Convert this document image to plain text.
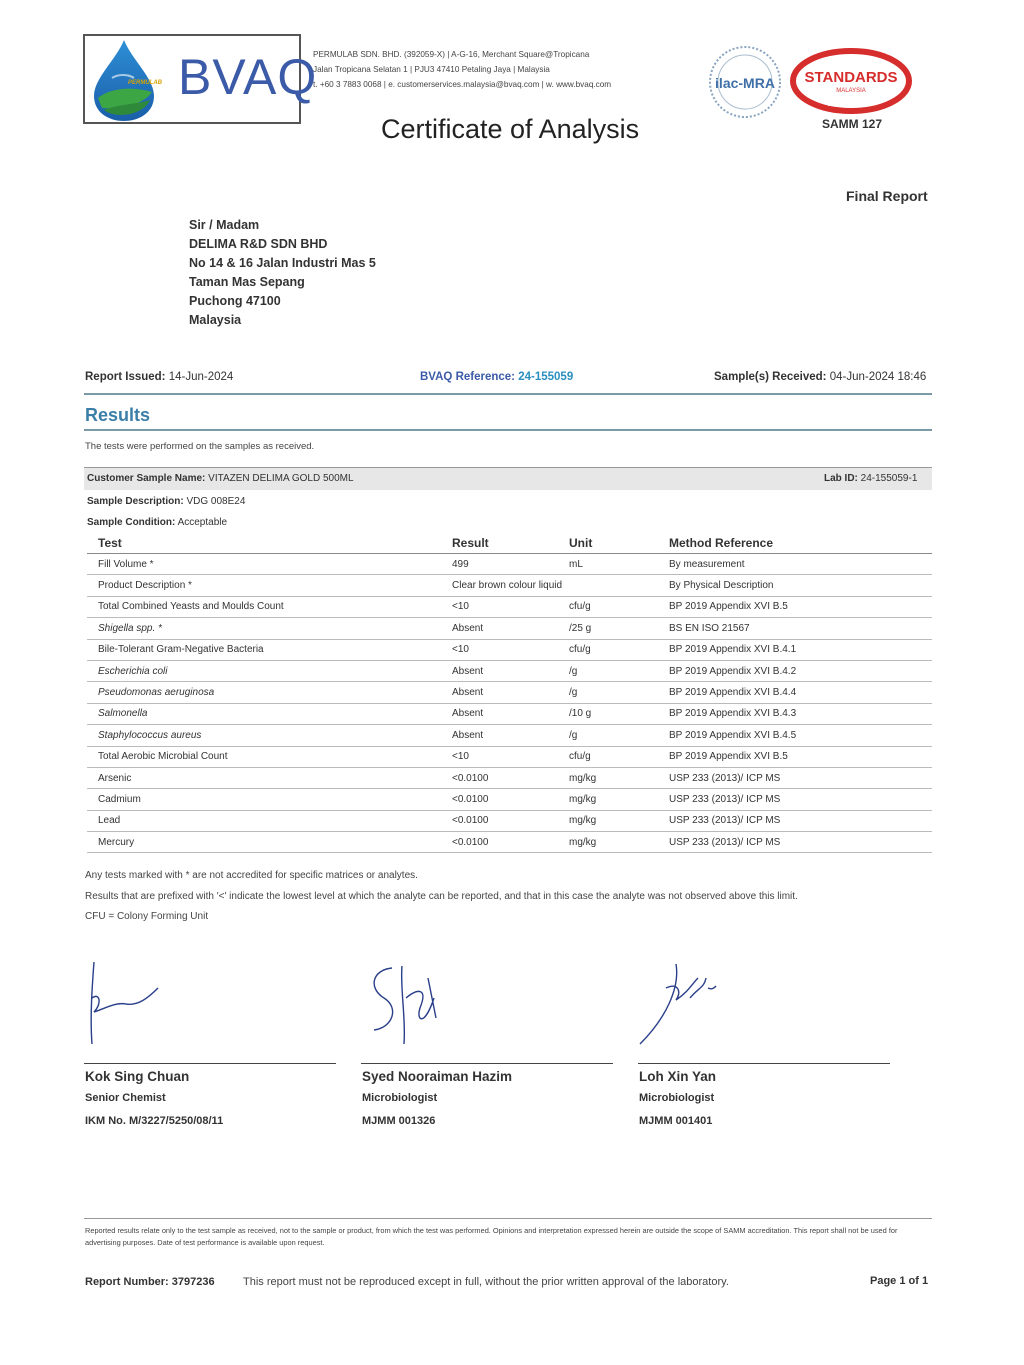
PERMULAB BVAQ
PERMULAB SDN. BHD. (392059-X) | A-G-16, Merchant Square@Tropicana
Jalan Tropicana Selatan 1 | PJU3 47410 Petaling Jaya | Malaysia
t. +60 3 7883 0068 | e. customerservices.malaysia@bvaq.com | w. www.bvaq.com	ilac-MRA STANDARDS
MALAYSIA
ACCREDITED
SAMM 127
Certificate of Analysis
Final Report
Sir / Madam
DELIMA R&D SDN BHD
No 14 & 16 Jalan Industri Mas 5
Taman Mas Sepang
Puchong 47100
Malaysia
Report Issued: 14-Jun-2024	BVAQ Reference: 24-155059	Sample(s) Received: 04-Jun-2024 18:46
Results
The tests were performed on the samples as received.
Customer Sample Name: VITAZEN DELIMA GOLD 500ML	Lab ID: 24-155059-1
Sample Description: VDG 008E24
Sample Condition: Acceptable
Test	Result	Unit	Method Reference
Fill Volume *	499	mL	By measurement
Product Description *	Clear brown colour liquid		By Physical Description
Total Combined Yeasts and Moulds Count	<10	cfu/g	BP 2019 Appendix XVI B.5
Shigella spp. *	Absent	/25 g	BS EN ISO 21567
Bile-Tolerant Gram-Negative Bacteria	<10	cfu/g	BP 2019 Appendix XVI B.4.1
Escherichia coli	Absent	/g	BP 2019 Appendix XVI B.4.2
Pseudomonas aeruginosa	Absent	/g	BP 2019 Appendix XVI B.4.4
Salmonella	Absent	/10 g	BP 2019 Appendix XVI B.4.3
Staphylococcus aureus	Absent	/g	BP 2019 Appendix XVI B.4.5
Total Aerobic Microbial Count	<10	cfu/g	BP 2019 Appendix XVI B.5
Arsenic	<0.0100	mg/kg	USP 233 (2013)/ ICP MS
Cadmium	<0.0100	mg/kg	USP 233 (2013)/ ICP MS
Lead	<0.0100	mg/kg	USP 233 (2013)/ ICP MS
Mercury	<0.0100	mg/kg	USP 233 (2013)/ ICP MS
Any tests marked with * are not accredited for specific matrices or analytes.
Results that are prefixed with '<' indicate the lowest level at which the analyte can be reported, and that in this case the analyte was not observed above this limit.
CFU = Colony Forming Unit
Kok Sing Chuan
Senior Chemist
IKM No. M/3227/5250/08/11
Syed Nooraiman Hazim
Microbiologist
MJMM 001326
Loh Xin Yan
Microbiologist
MJMM 001401
Reported results relate only to the test sample as received, not to the sample or product, from which the test was performed. Opinions and interpretation expressed herein are outside the scope of SAMM accreditation. This report shall not be used for advertising purposes. Date of test performance is available upon request.
Report Number: 3797236	This report must not be reproduced except in full, without the prior written approval of the laboratory.	Page 1 of 1
